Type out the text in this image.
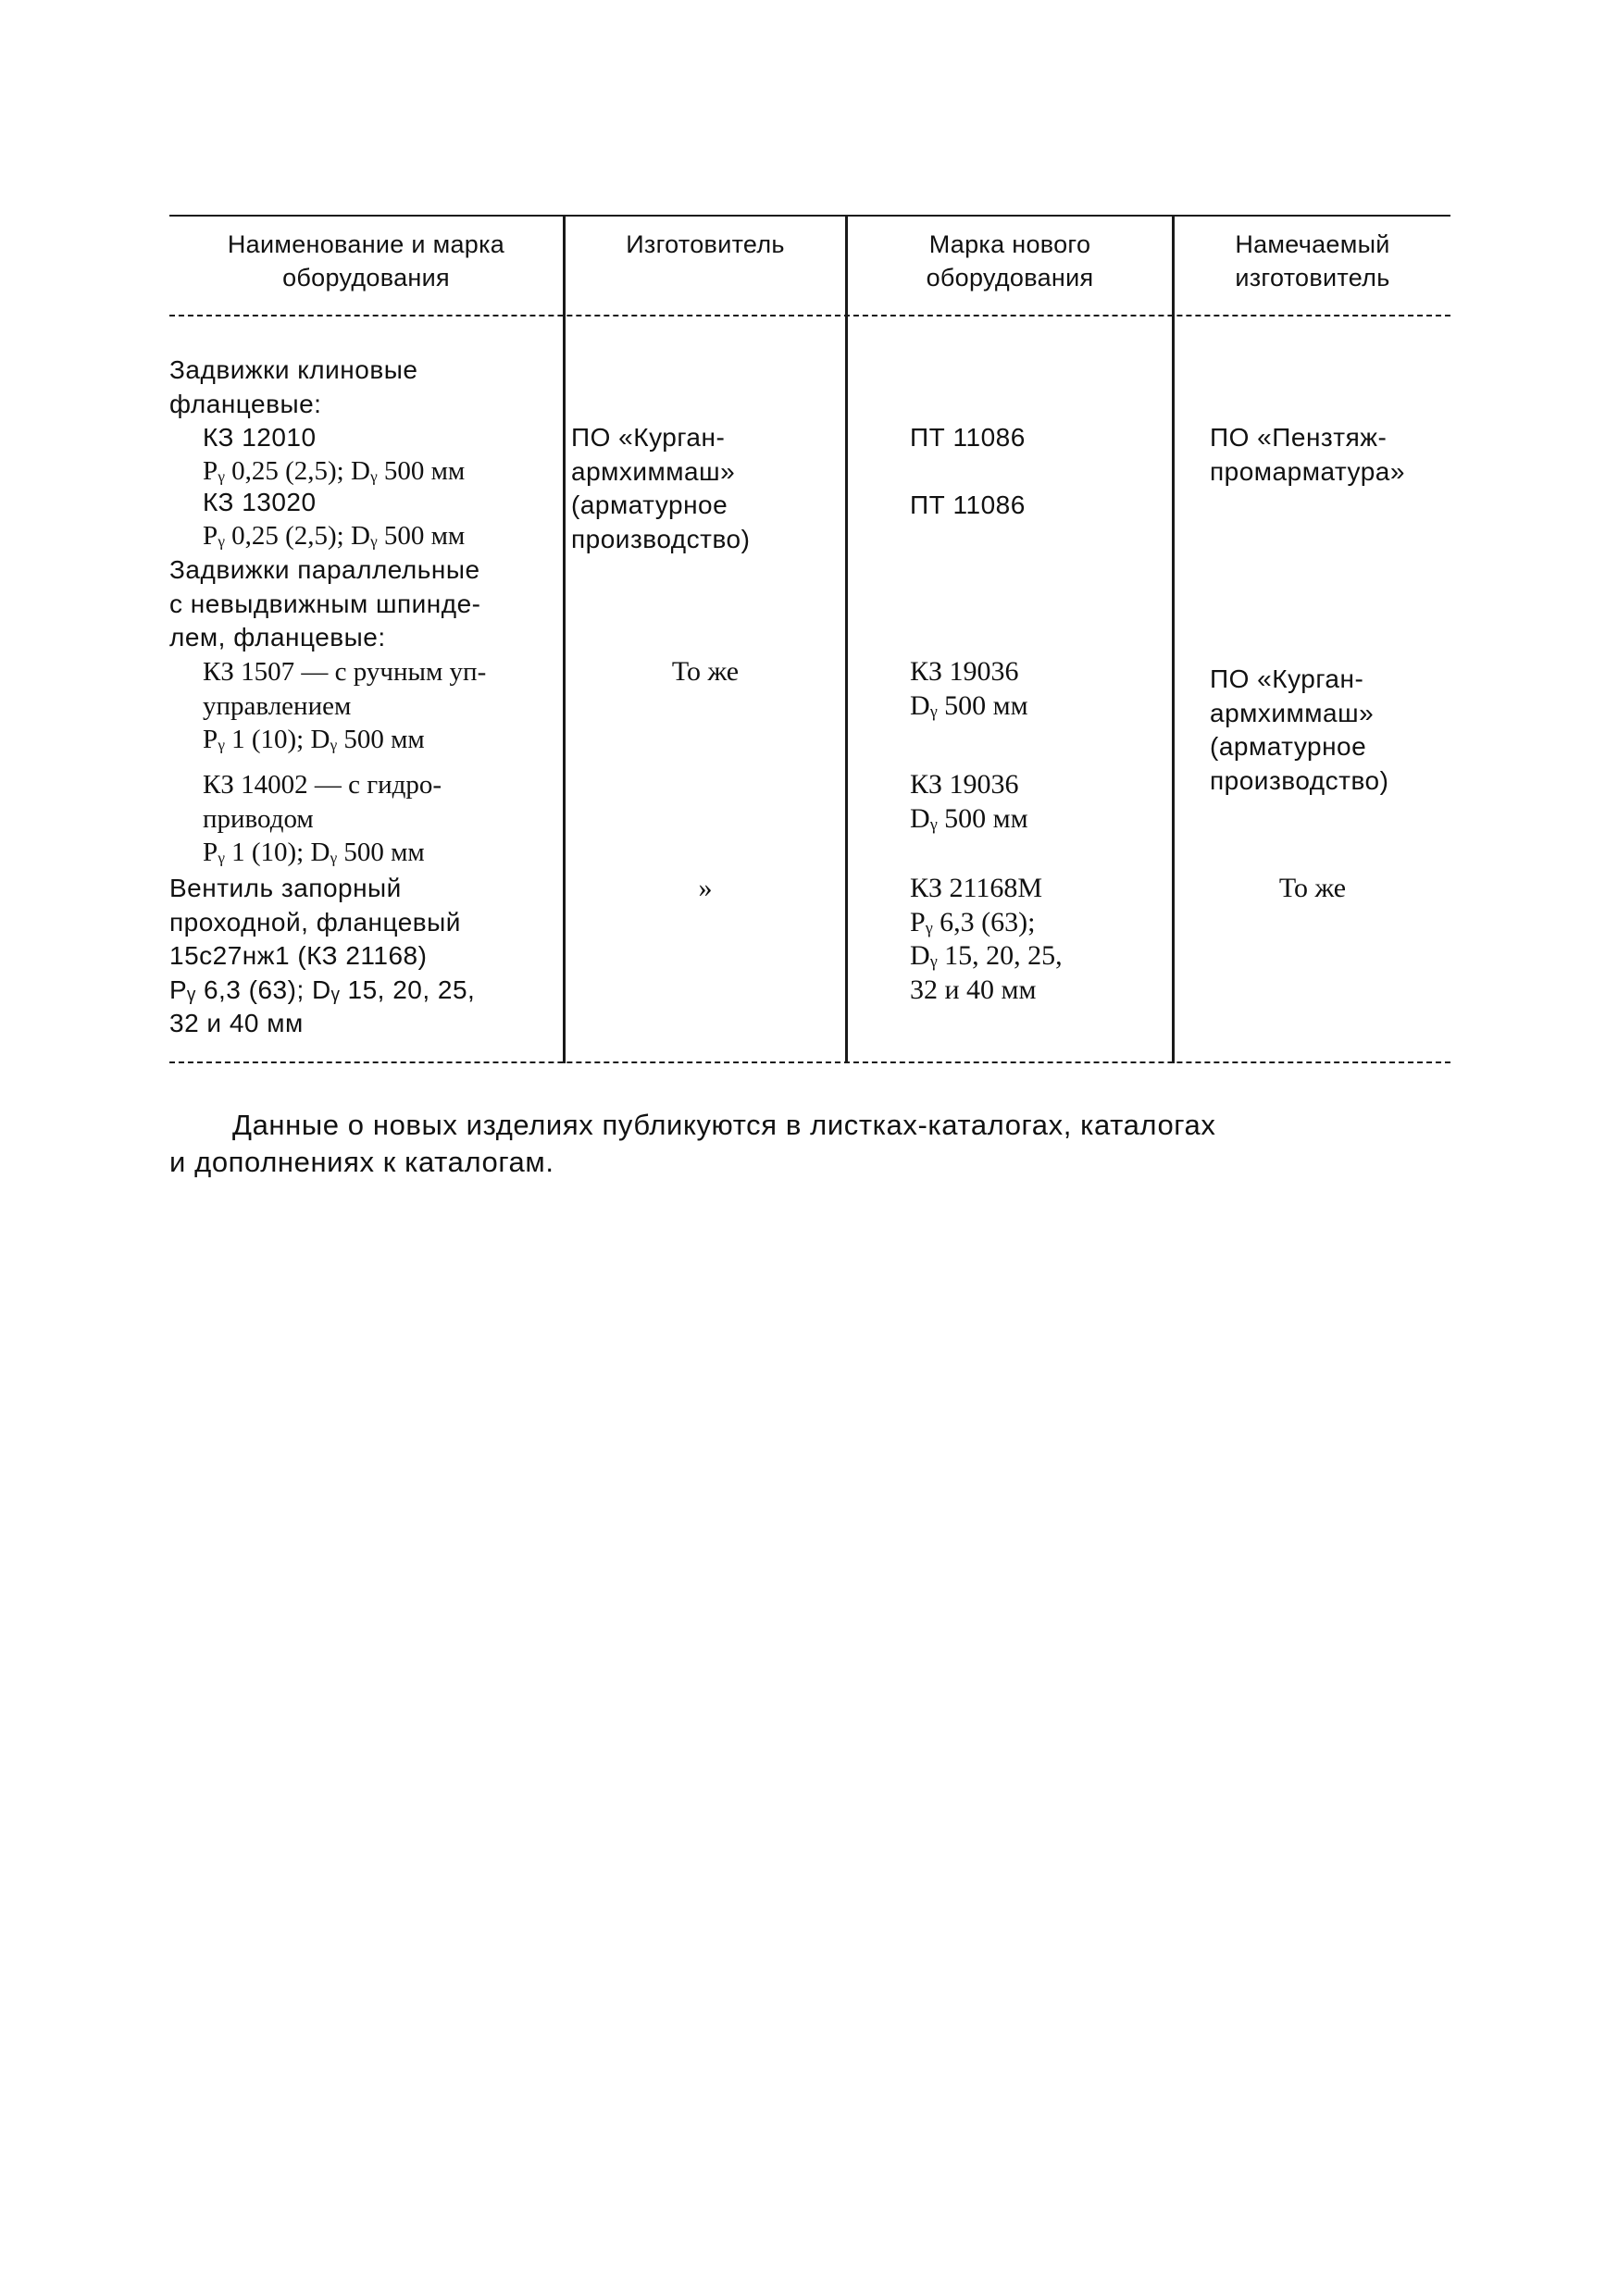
Наименование и марка
оборудования
Изготовитель	Марка нового
оборудования
Намечаемый
изготовитель
Задвижки клиновые
фланцевые:
КЗ 12010
Pᵧ 0,25 (2,5); Dᵧ 500 мм
КЗ 13020
Pᵧ 0,25 (2,5); Dᵧ 500 мм
Задвижки параллельные
с невыдвижным шпинде-
лем, фланцевые:
КЗ 1507 — с ручным уп-
управлением
Pᵧ 1 (10); Dᵧ 500 мм
КЗ 14002 — с гидро-
приводом
Pᵧ 1 (10); Dᵧ 500 мм
Вентиль запорный
проходной, фланцевый
15с27нж1 (КЗ 21168)
Pᵧ 6,3 (63); Dᵧ 15, 20, 25,
32 и 40 мм
ПО «Курган-
армхиммаш»
(арматурное
производство)
То же
»
ПТ 11086
ПТ 11086
КЗ 19036
Dᵧ 500 мм
КЗ 19036
Dᵧ 500 мм
КЗ 21168М
Pᵧ 6,3 (63);
Dᵧ 15, 20, 25,
32 и 40 мм
ПО «Пензтяж-
промарматура»
ПО «Курган-
армхиммаш»
(арматурное
производство)
То же
Данные о новых изделиях публикуются в листках-каталогах, каталогах
и дополнениях к каталогам.
